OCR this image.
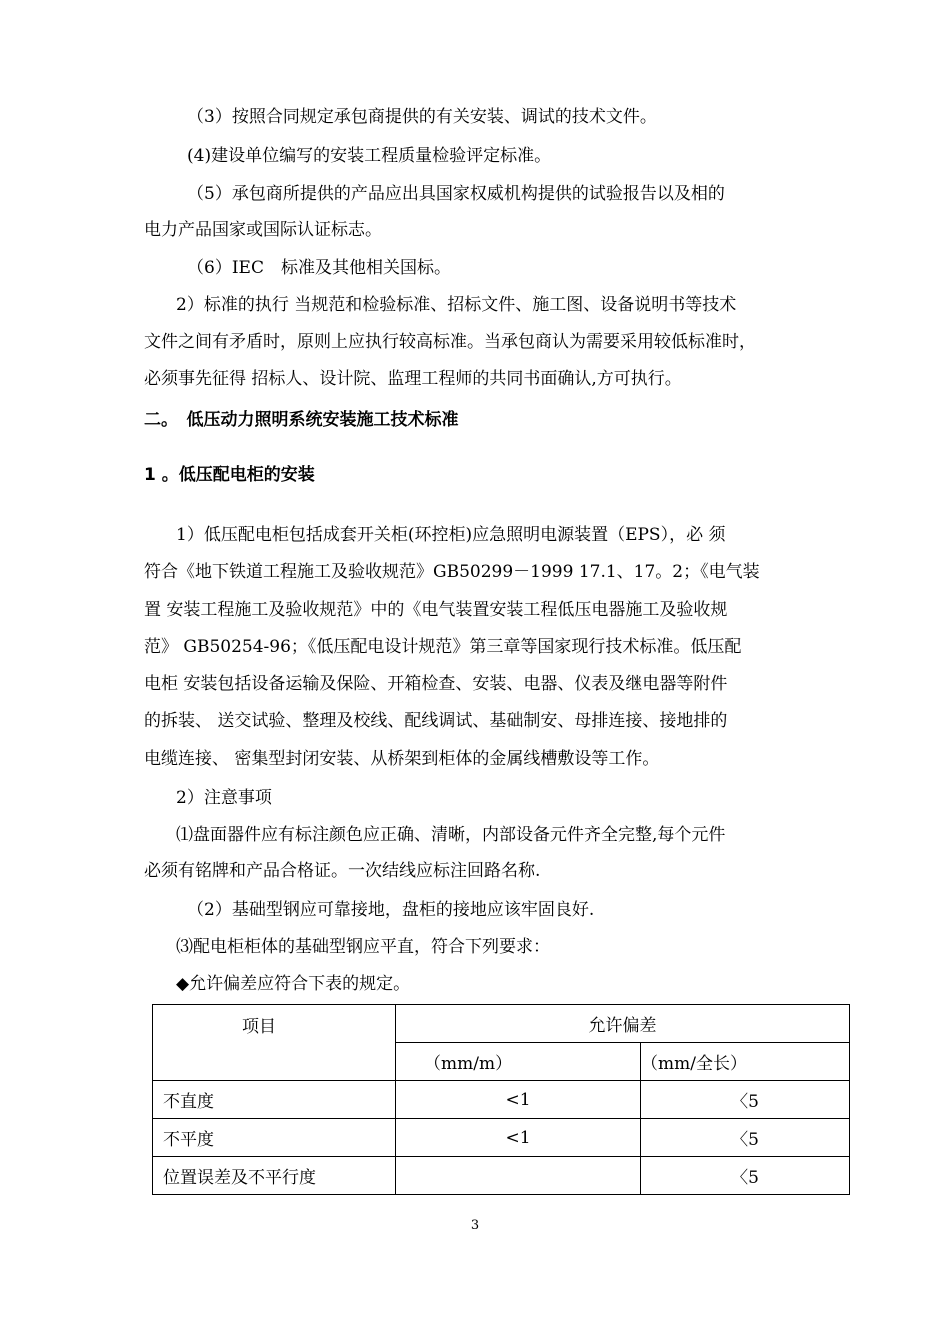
（3）按照合同规定承包商提供的有关安装、调试的技术文件。
(4)建设单位编写的安装工程质量检验评定标准。
（5）承包商所提供的产品应出具国家权威机构提供的试验报告以及相的
电力产品国家或国际认证标志。
（6）IEC　标准及其他相关国标。
2）标准的执行 当规范和检验标准、招标文件、施工图、设备说明书等技术
文件之间有矛盾时，原则上应执行较高标准。当承包商认为需要采用较低标准时，
必须事先征得 招标人、设计院、监理工程师的共同书面确认,方可执行。
二。　低压动力照明系统安装施工技术标准
1 。低压配电柜的安装
1）低压配电柜包括成套开关柜(环控柜)应急照明电源装置（EPS），必 须
符合《地下铁道工程施工及验收规范》GB50299－1999 17.1、17。2；《电气装
置 安装工程施工及验收规范》中的《电气装置安装工程低压电器施工及验收规
范》 GB50254-96；《低压配电设计规范》第三章等国家现行技术标准。低压配
电柜 安装包括设备运输及保险、开箱检查、安装、电器、仪表及继电器等附件
的拆装、 送交试验、整理及校线、配线调试、基础制安、母排连接、接地排的
电缆连接、 密集型封闭安装、从桥架到柜体的金属线槽敷设等工作。
2）注意事项
⑴盘面器件应有标注颜色应正确、清晰，内部设备元件齐全完整,每个元件
必须有铭牌和产品合格证。一次结线应标注回路名称.
（2）基础型钢应可靠接地，盘柜的接地应该牢固良好.
⑶配电柜柜体的基础型钢应平直，符合下列要求：
◆允许偏差应符合下表的规定。
项目	允许偏差	
	（mm/m）	（mm/全长）
不直度	<1	〈5
不平度	<1	〈5
位置误差及不平行度		〈5
3
